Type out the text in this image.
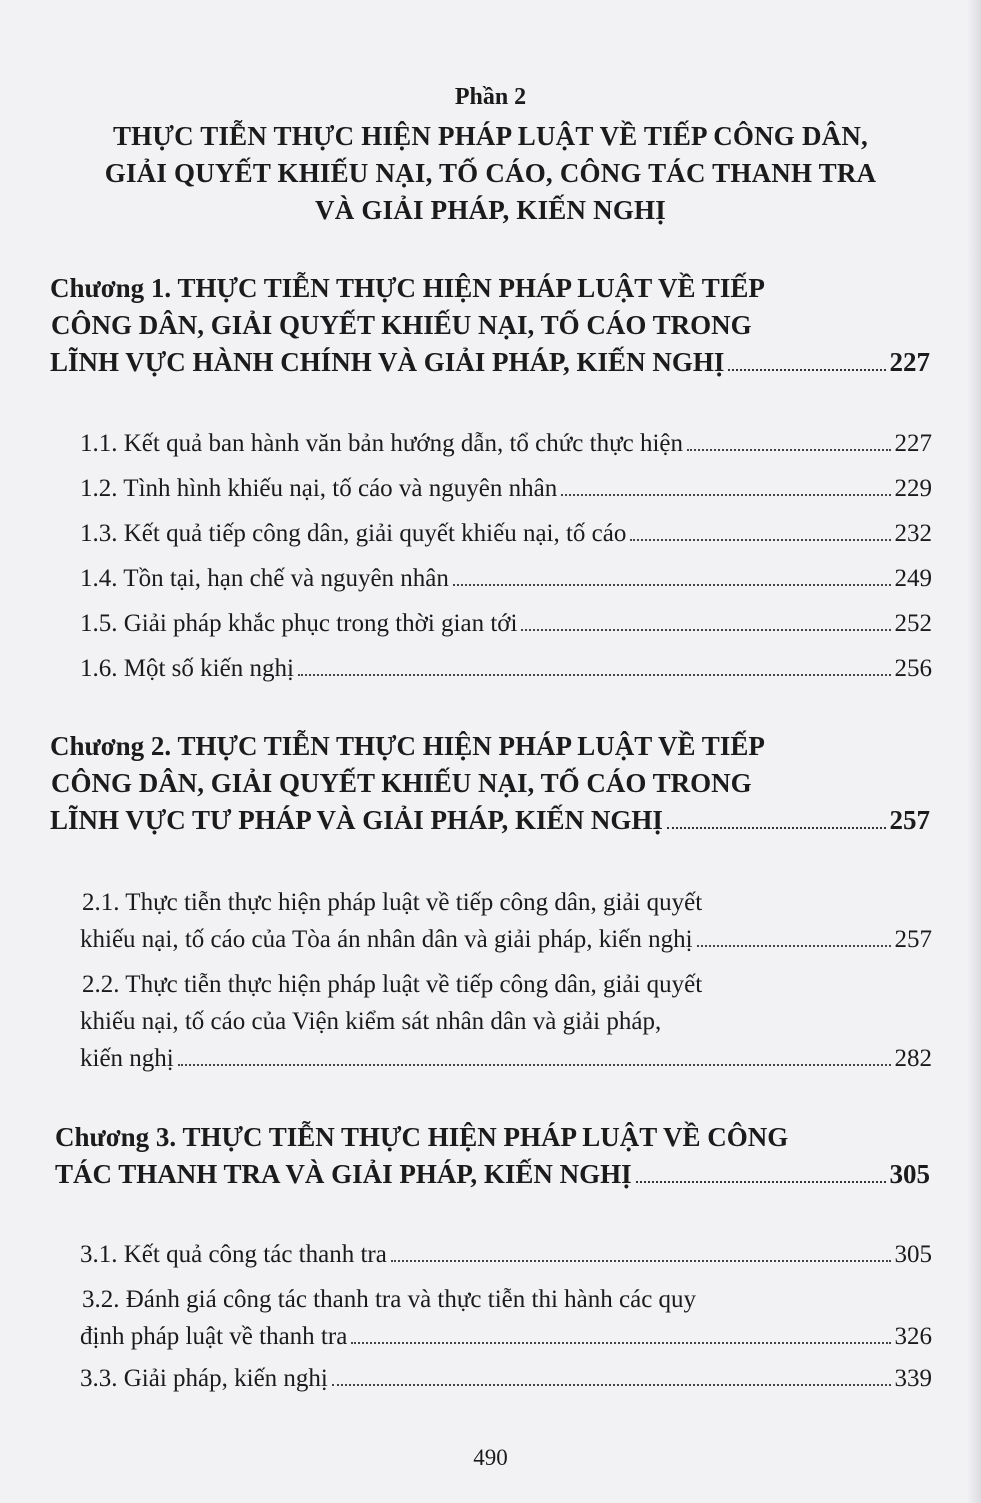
Phần 2
THỰC TIỄN THỰC HIỆN PHÁP LUẬT VỀ TIẾP CÔNG DÂN,
GIẢI QUYẾT KHIẾU NẠI, TỐ CÁO, CÔNG TÁC THANH TRA
VÀ GIẢI PHÁP, KIẾN NGHỊ
Chương 1. THỰC TIỄN THỰC HIỆN PHÁP LUẬT VỀ TIẾP
CÔNG DÂN, GIẢI QUYẾT KHIẾU NẠI, TỐ CÁO TRONG
LĨNH VỰC HÀNH CHÍNH VÀ GIẢI PHÁP, KIẾN NGHỊ	227
1.1. Kết quả ban hành văn bản hướng dẫn, tổ chức thực hiện	227
1.2. Tình hình khiếu nại, tố cáo và nguyên nhân	229
1.3. Kết quả tiếp công dân, giải quyết khiếu nại, tố cáo	232
1.4. Tồn tại, hạn chế và nguyên nhân	249
1.5. Giải pháp khắc phục trong thời gian tới	252
1.6. Một số kiến nghị	256
Chương 2. THỰC TIỄN THỰC HIỆN PHÁP LUẬT VỀ TIẾP
CÔNG DÂN, GIẢI QUYẾT KHIẾU NẠI, TỐ CÁO TRONG
LĨNH VỰC TƯ PHÁP VÀ GIẢI PHÁP, KIẾN NGHỊ	257
2.1. Thực tiễn thực hiện pháp luật về tiếp công dân, giải quyết
khiếu nại, tố cáo của Tòa án nhân dân và giải pháp, kiến nghị	257
2.2. Thực tiễn thực hiện pháp luật về tiếp công dân, giải quyết
khiếu nại, tố cáo của Viện kiểm sát nhân dân và giải pháp,
kiến nghị	282
Chương 3. THỰC TIỄN THỰC HIỆN PHÁP LUẬT VỀ CÔNG
TÁC THANH TRA VÀ GIẢI PHÁP, KIẾN NGHỊ	305
3.1. Kết quả công tác thanh tra	305
3.2. Đánh giá công tác thanh tra và thực tiễn thi hành các quy
định pháp luật về thanh tra	326
3.3. Giải pháp, kiến nghị	339
490
